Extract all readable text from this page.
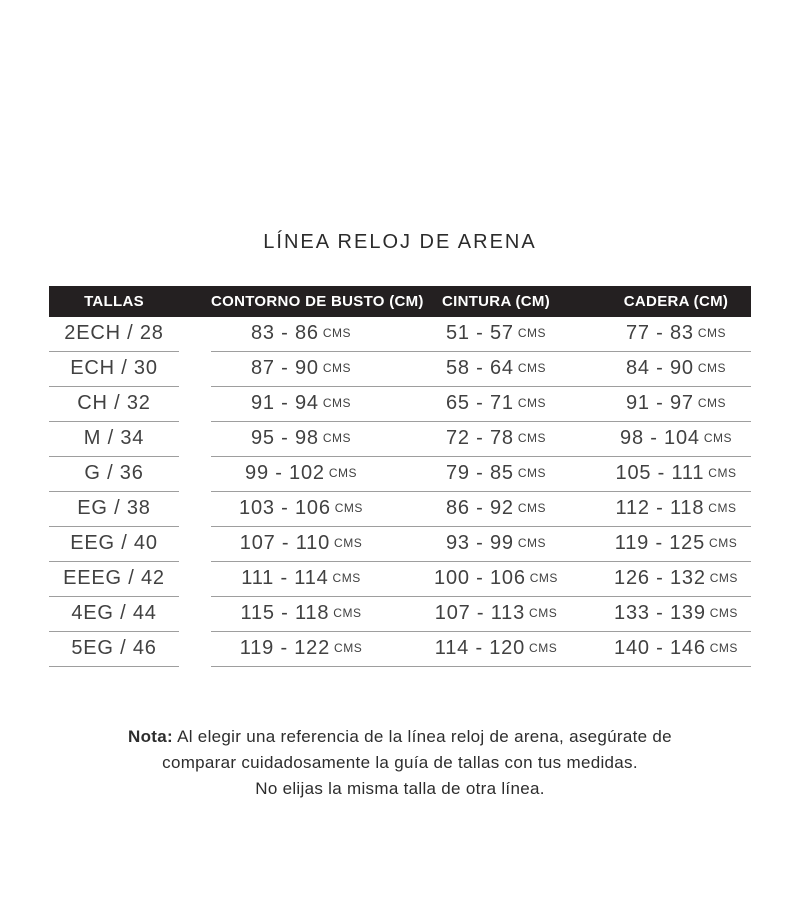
LÍNEA RELOJ DE ARENA
TALLAS	CONTORNO DE BUSTO (CM)	CINTURA (CM)	CADERA (CM)
2ECH / 28	83 - 86 CMS	51 - 57 CMS	77 - 83 CMS
ECH / 30	87 - 90 CMS	58 - 64 CMS	84 - 90 CMS
CH / 32	91 - 94 CMS	65 - 71 CMS	91 - 97 CMS
M / 34	95 - 98 CMS	72 - 78 CMS	98 - 104 CMS
G / 36	99 - 102 CMS	79 - 85 CMS	105 - 111 CMS
EG / 38	103 - 106 CMS	86 - 92 CMS	112 - 118 CMS
EEG / 40	107 - 110 CMS	93 - 99 CMS	119 - 125 CMS
EEEG / 42	111 - 114 CMS	100 - 106 CMS	126 - 132 CMS
4EG / 44	115 - 118 CMS	107 - 113 CMS	133 - 139 CMS
5EG / 46	119 - 122 CMS	114 - 120 CMS	140 - 146 CMS
Nota: Al elegir una referencia de la línea reloj de arena, asegúrate de
comparar cuidadosamente la guía de tallas con tus medidas.
No elijas la misma talla de otra línea.
